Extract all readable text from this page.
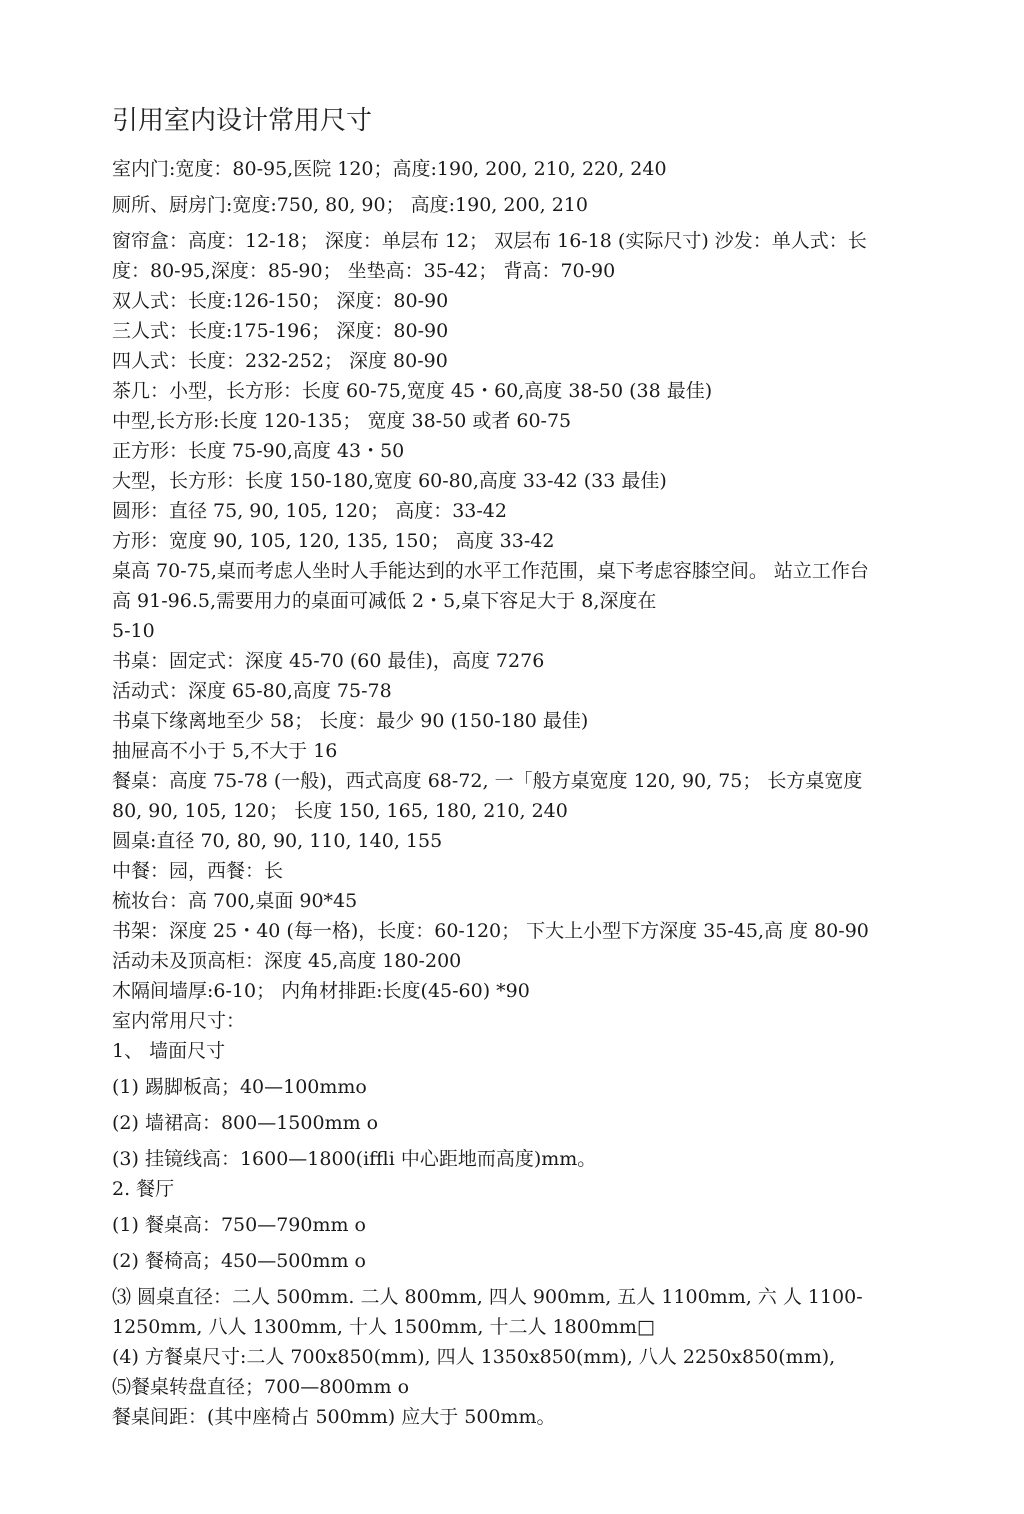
引用室内设计常用尺寸
室内门:宽度：80-95,医院 120；高度:190, 200, 210, 220, 240
厕所、厨房门:宽度:750, 80, 90； 高度:190, 200, 210
窗帘盒：高度：12-18； 深度：单层布 12； 双层布 16-18 (实际尺寸) 沙发：单人式：长
度：80-95,深度：85-90； 坐垫高：35-42； 背高：70-90
双人式：长度:126-150； 深度：80-90
三人式：长度:175-196； 深度：80-90
四人式：长度：232-252； 深度 80-90
茶几：小型，长方形：长度 60-75,宽度 45・60,高度 38-50 (38 最佳)
中型,长方形:长度 120-135； 宽度 38-50 或者 60-75
正方形：长度 75-90,高度 43・50
大型，长方形：长度 150-180,宽度 60-80,高度 33-42 (33 最佳)
圆形：直径 75, 90, 105, 120； 高度：33-42
方形：宽度 90, 105, 120, 135, 150； 高度 33-42
桌高 70-75,桌而考虑人坐时人手能达到的水平工作范围，桌下考虑容膝空间。 站立工作台
高 91-96.5,需要用力的桌面可减低 2・5,桌下容足大于 8,深度在
5-10
书桌：固定式：深度 45-70 (60 最佳)，高度 7276
活动式：深度 65-80,高度 75-78
书桌下缘离地至少 58； 长度：最少 90 (150-180 最佳)
抽屉高不小于 5,不大于 16
餐桌：高度 75-78 (一般)，西式高度 68-72, 一「般方桌宽度 120, 90, 75； 长方桌宽度
80, 90, 105, 120； 长度 150, 165, 180, 210, 240
圆桌:直径 70, 80, 90, 110, 140, 155
中餐：园，西餐：长
梳妆台：高 700,桌面 90*45
书架：深度 25・40 (每一格)，长度：60-120； 下大上小型下方深度 35-45,高 度 80-90
活动未及顶高柜：深度 45,高度 180-200
木隔间墙厚:6-10； 内角材排距:长度(45-60) *90
室内常用尺寸：
1、 墙面尺寸
(1) 踢脚板高；40—100mmo
(2) 墙裙高：800—1500mm o
(3) 挂镜线高：1600—1800(iffli 中心距地而高度)mm。
2. 餐厅
(1) 餐桌高：750—790mm o
(2) 餐椅高；450—500mm o
⑶ 圆桌直径：二人 500mm. 二人 800mm, 四人 900mm, 五人 1100mm, 六 人 1100-
1250mm, 八人 1300mm, 十人 1500mm, 十二人 1800mm□
(4) 方餐桌尺寸:二人 700x850(mm), 四人 1350x850(mm), 八人 2250x850(mm),
⑸餐桌转盘直径；700—800mm o
餐桌间距：(其中座椅占 500mm) 应大于 500mm。
